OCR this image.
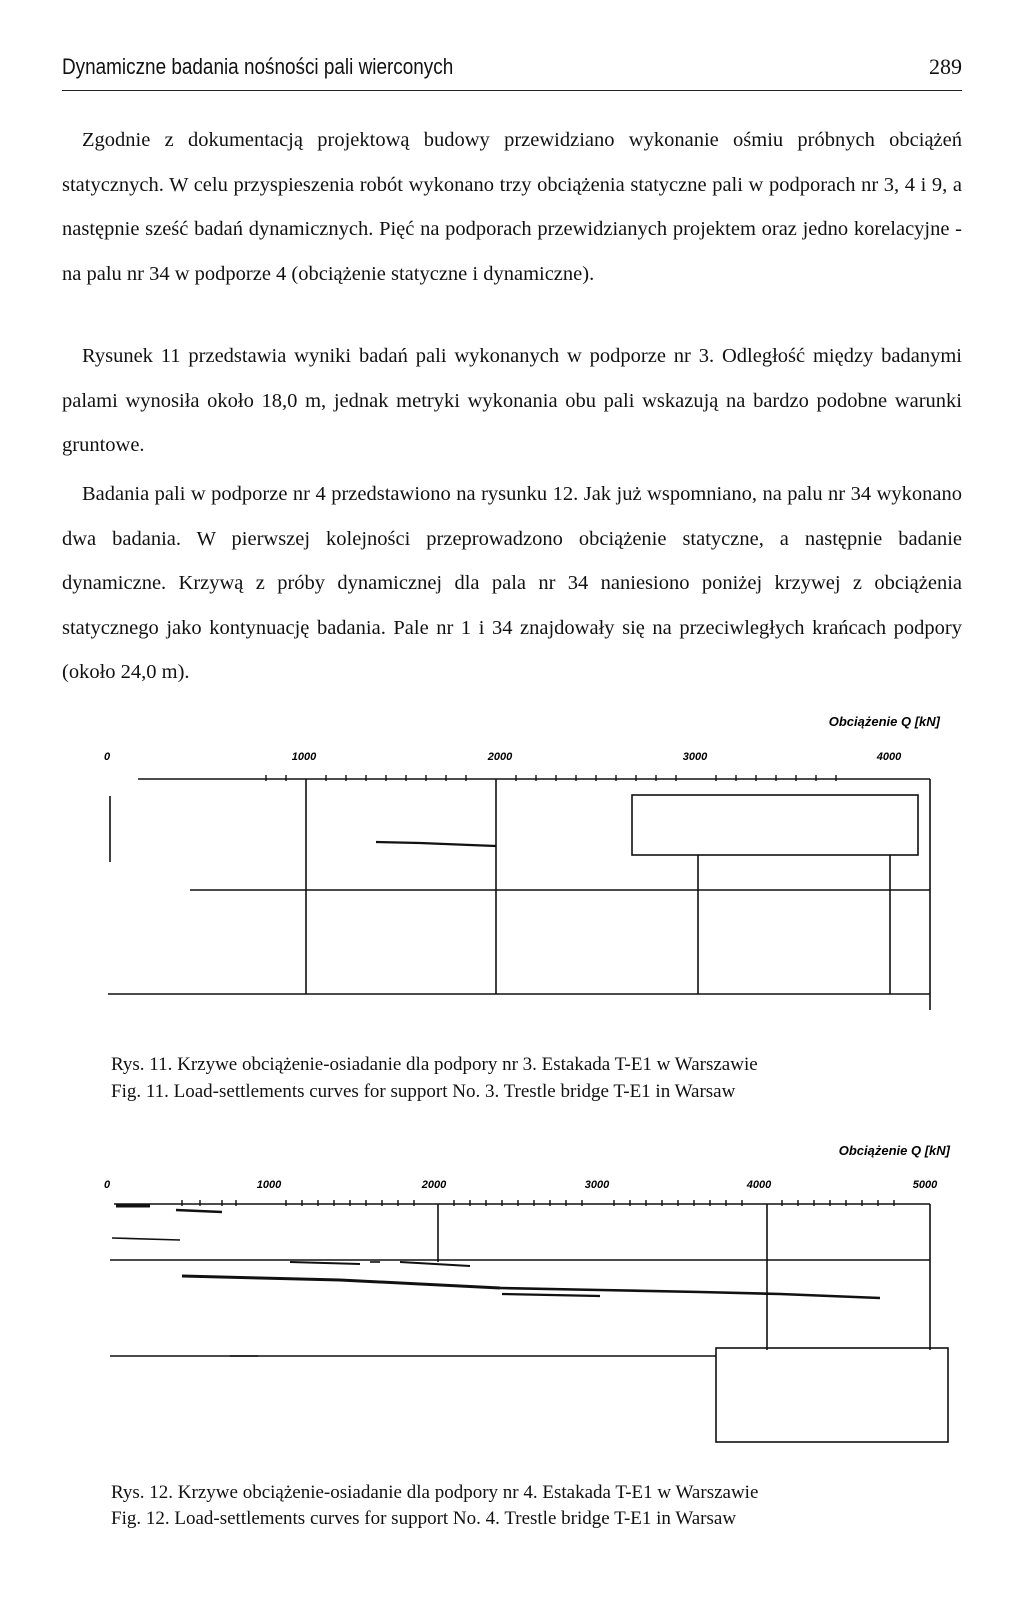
Dynamiczne badania nośności pali wierconych	289

Zgodnie z dokumentacją projektową budowy przewidziano wykonanie ośmiu próbnych obciążeń statycznych. W celu przyspieszenia robót wykonano trzy obciążenia statyczne pali w podporach nr 3, 4 i 9, a następnie sześć badań dynamicznych. Pięć na podporach przewidzianych projektem oraz jedno korelacyjne - na palu nr 34 w podporze 4 (obciążenie statyczne i dynamiczne).

Rysunek 11 przedstawia wyniki badań pali wykonanych w podporze nr 3. Odległość między badanymi palami wynosiła około 18,0 m, jednak metryki wykonania obu pali wskazują na bardzo podobne warunki gruntowe.

Badania pali w podporze nr 4 przedstawiono na rysunku 12. Jak już wspomniano, na palu nr 34 wykonano dwa badania. W pierwszej kolejności przeprowadzono obciążenie statyczne, a następnie badanie dynamiczne. Krzywą z próby dynamicznej dla pala nr 34 naniesiono poniżej krzywej z obciążenia statycznego jako kontynuację badania. Pale nr 1 i 34 znajdowały się na przeciwległych krańcach podpory (około 24,0 m).

Obciążenie Q [kN]
0	1000	2000	3000	4000
Rys. 11. Krzywe obciążenie-osiadanie dla podpory nr 3. Estakada T-E1 w Warszawie
Fig. 11. Load-settlements curves for support No. 3. Trestle bridge T-E1 in Warsaw
Obciążenie Q [kN]
0	1000	2000	3000	4000	5000
Rys. 12. Krzywe obciążenie-osiadanie dla podpory nr 4. Estakada T-E1 w Warszawie
Fig. 12. Load-settlements curves for support No. 4. Trestle bridge T-E1 in Warsaw
